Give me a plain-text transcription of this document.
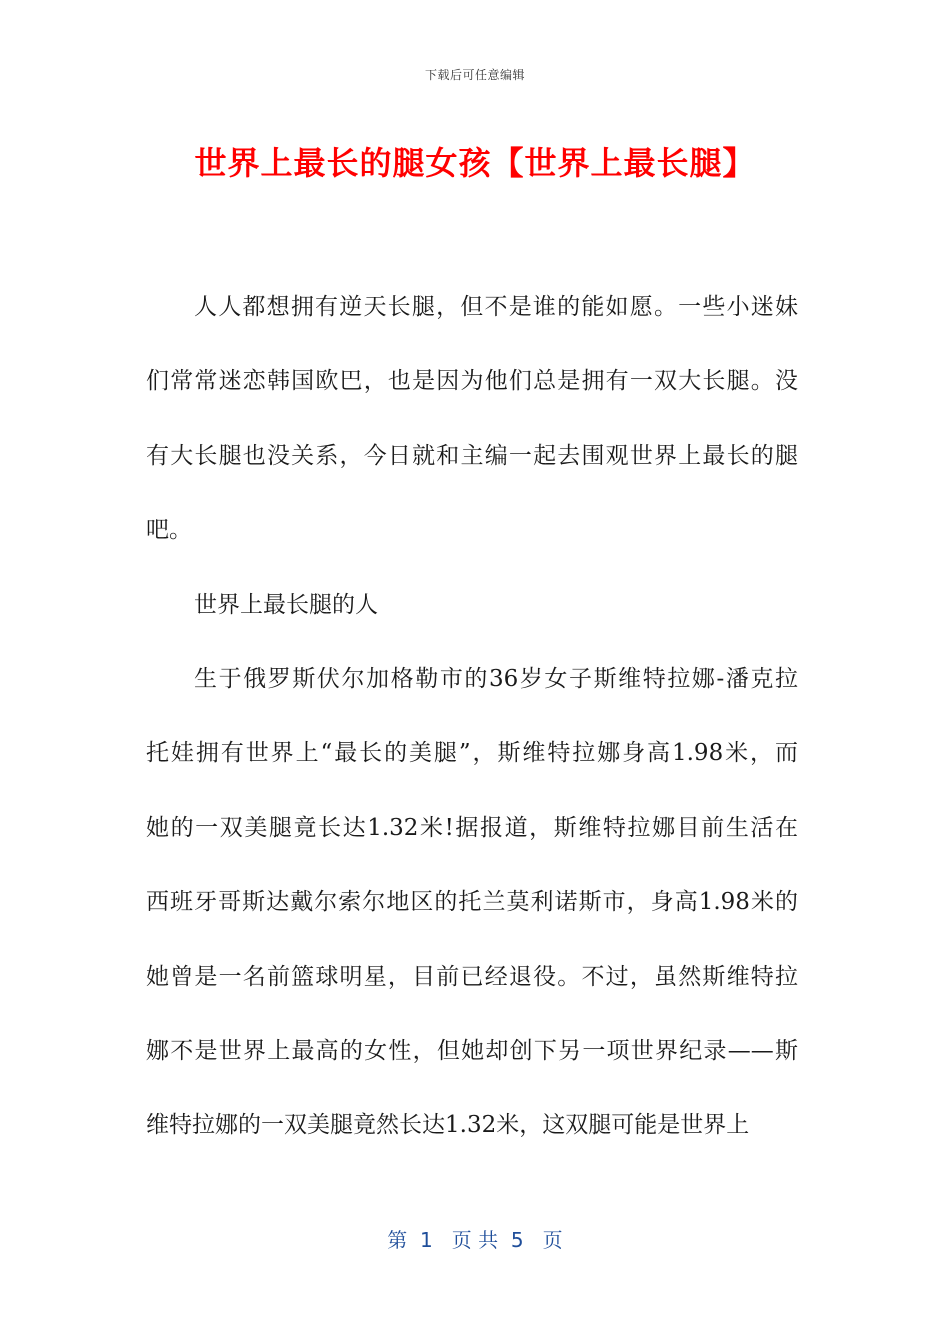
下载后可任意编辑
世界上最长的腿女孩【世界上最长腿】
人人都想拥有逆天长腿，但不是谁的能如愿。一些小迷妹
们常常迷恋韩国欧巴，也是因为他们总是拥有一双大长腿。没
有大长腿也没关系，今日就和主编一起去围观世界上最长的腿
吧。
世界上最长腿的人
生于俄罗斯伏尔加格勒市的36岁女子斯维特拉娜-潘克拉
托娃拥有世界上“最长的美腿”，斯维特拉娜身高1.98米，而
她的一双美腿竟长达1.32米!据报道，斯维特拉娜目前生活在
西班牙哥斯达戴尔索尔地区的托兰莫利诺斯市，身高1.98米的
她曾是一名前篮球明星，目前已经退役。不过，虽然斯维特拉
娜不是世界上最高的女性，但她却创下另一项世界纪录——斯
维特拉娜的一双美腿竟然长达1.32米，这双腿可能是世界上
第  1   页 共  5   页
